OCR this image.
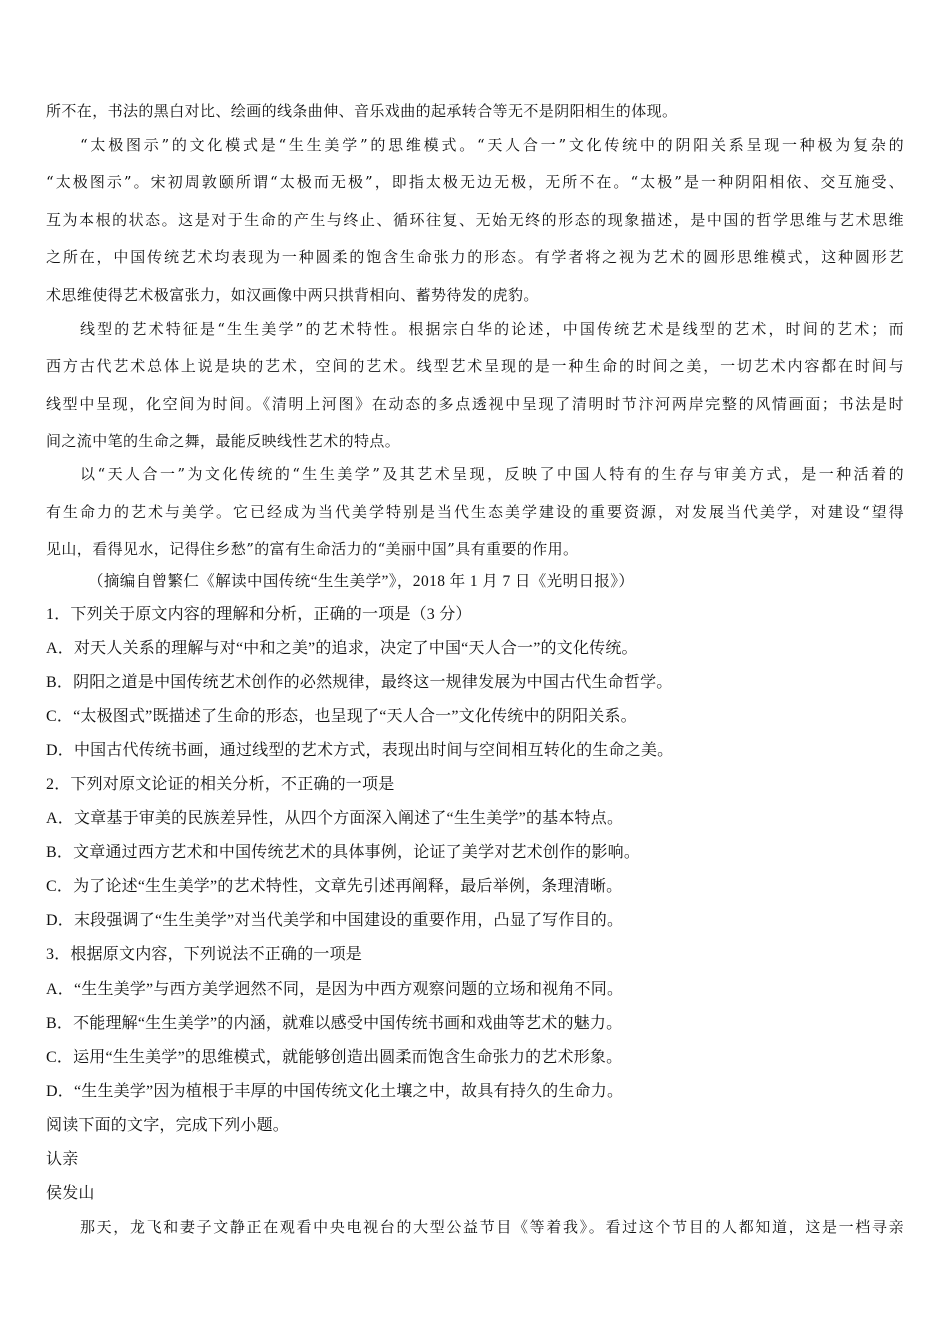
所不在，书法的黑白对比、绘画的线条曲伸、音乐戏曲的起承转合等无不是阴阳相生的体现。
“太极图示”的文化模式是“生生美学”的思维模式。“天人合一”文化传统中的阴阳关系呈现一种极为复杂的
“太极图示”。宋初周敦颐所谓“太极而无极”，即指太极无边无极，无所不在。“太极”是一种阴阳相依、交互施受、
互为本根的状态。这是对于生命的产生与终止、循环往复、无始无终的形态的现象描述，是中国的哲学思维与艺术思维
之所在，中国传统艺术均表现为一种圆柔的饱含生命张力的形态。有学者将之视为艺术的圆形思维模式，这种圆形艺
术思维使得艺术极富张力，如汉画像中两只拱背相向、蓄势待发的虎豹。
线型的艺术特征是“生生美学”的艺术特性。根据宗白华的论述，中国传统艺术是线型的艺术，时间的艺术；而
西方古代艺术总体上说是块的艺术，空间的艺术。线型艺术呈现的是一种生命的时间之美，一切艺术内容都在时间与
线型中呈现，化空间为时间。《清明上河图》在动态的多点透视中呈现了清明时节汴河两岸完整的风情画面；书法是时
间之流中笔的生命之舞，最能反映线性艺术的特点。
以“天人合一”为文化传统的“生生美学”及其艺术呈现，反映了中国人特有的生存与审美方式，是一种活着的
有生命力的艺术与美学。它已经成为当代美学特别是当代生态美学建设的重要资源，对发展当代美学，对建设“望得
见山，看得见水，记得住乡愁”的富有生命活力的“美丽中国”具有重要的作用。
（摘编自曾繁仁《解读中国传统“生生美学”》，2018 年 1 月 7 日《光明日报》）
1．下列关于原文内容的理解和分析，正确的一项是（3 分）
A．对天人关系的理解与对“中和之美”的追求，决定了中国“天人合一”的文化传统。
B．阴阳之道是中国传统艺术创作的必然规律，最终这一规律发展为中国古代生命哲学。
C．“太极图式”既描述了生命的形态，也呈现了“天人合一”文化传统中的阴阳关系。
D．中国古代传统书画，通过线型的艺术方式，表现出时间与空间相互转化的生命之美。
2．下列对原文论证的相关分析，不正确的一项是
A．文章基于审美的民族差异性，从四个方面深入阐述了“生生美学”的基本特点。
B．文章通过西方艺术和中国传统艺术的具体事例，论证了美学对艺术创作的影响。
C．为了论述“生生美学”的艺术特性，文章先引述再阐释，最后举例，条理清晰。
D．末段强调了“生生美学”对当代美学和中国建设的重要作用，凸显了写作目的。
3．根据原文内容，下列说法不正确的一项是
A．“生生美学”与西方美学迥然不同，是因为中西方观察问题的立场和视角不同。
B．不能理解“生生美学”的内涵，就难以感受中国传统书画和戏曲等艺术的魅力。
C．运用“生生美学”的思维模式，就能够创造出圆柔而饱含生命张力的艺术形象。
D．“生生美学”因为植根于丰厚的中国传统文化土壤之中，故具有持久的生命力。
阅读下面的文字，完成下列小题。
认亲
侯发山
那天，龙飞和妻子文静正在观看中央电视台的大型公益节目《等着我》。看过这个节目的人都知道，这是一档寻亲
